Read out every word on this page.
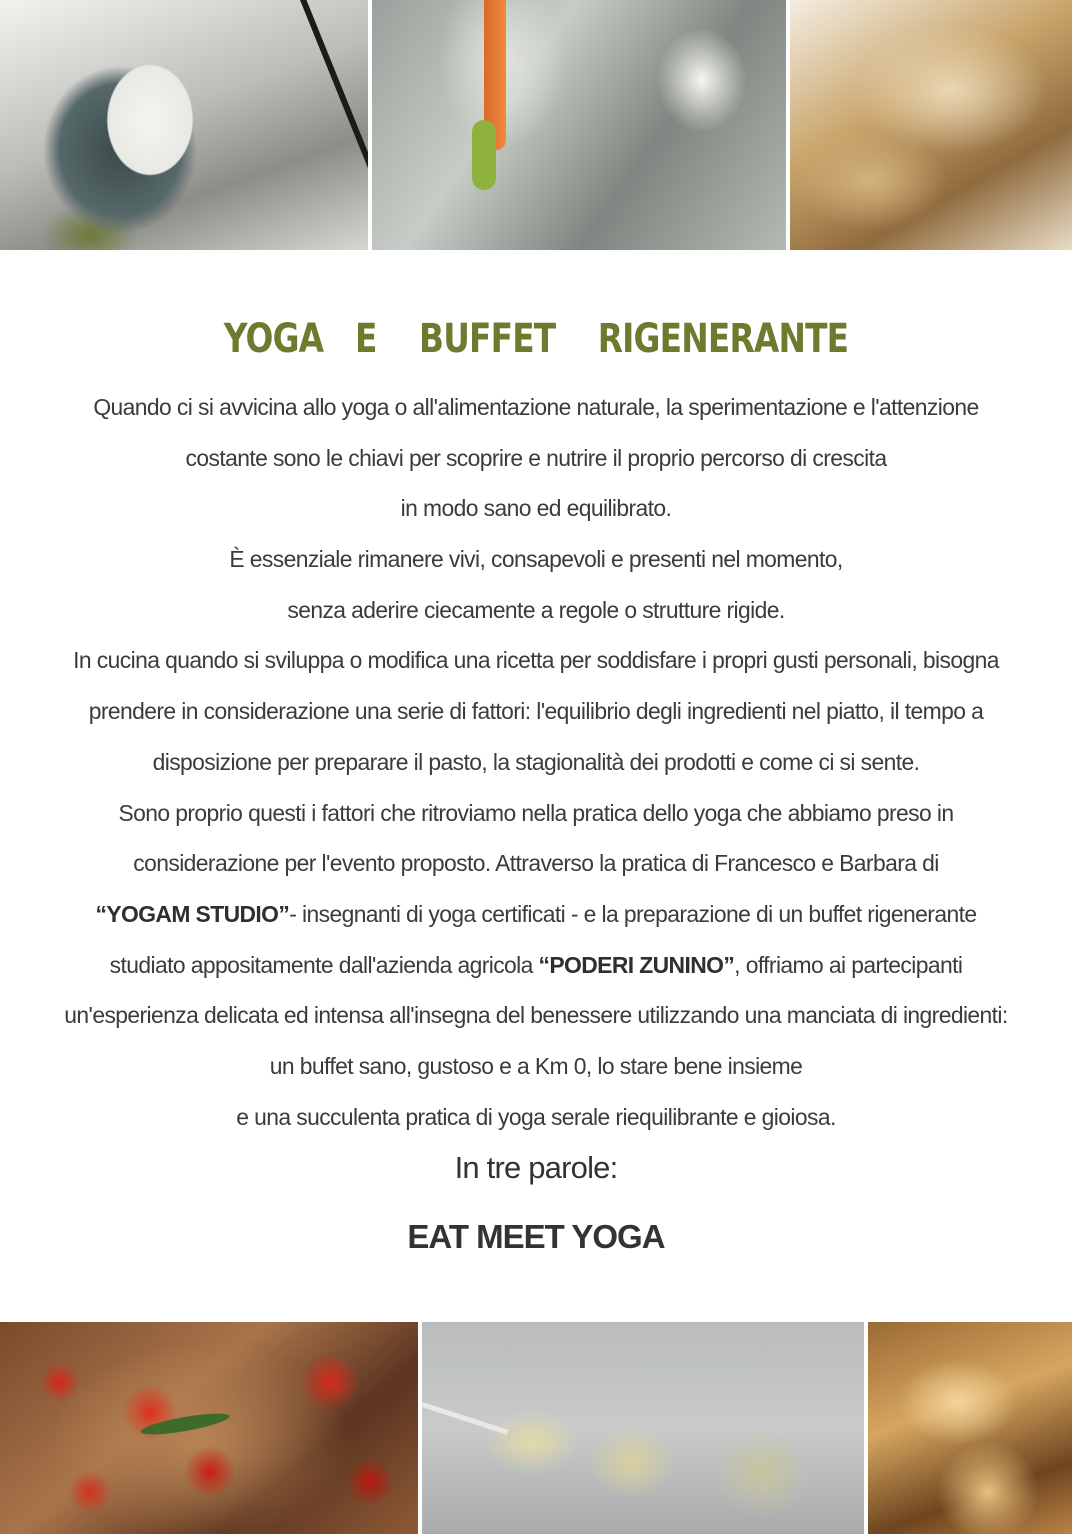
YOGA   E    BUFFET    RIGENERANTE
Quando ci si avvicina allo yoga o all'alimentazione naturale, la sperimentazione e l'attenzione
costante sono le chiavi per scoprire e nutrire il proprio percorso di crescita
in modo sano ed equilibrato.
È essenziale rimanere vivi, consapevoli e presenti nel momento,
senza aderire ciecamente a regole o strutture rigide.
In cucina quando si sviluppa o modifica una ricetta per soddisfare i propri gusti personali, bisogna
prendere in considerazione una serie di fattori: l'equilibrio degli ingredienti nel piatto, il tempo a
disposizione per preparare il pasto, la stagionalità dei prodotti e come ci si sente.
Sono proprio questi i fattori che ritroviamo nella pratica dello yoga che abbiamo preso in
considerazione per l'evento proposto. Attraverso la pratica di Francesco e Barbara di
“YOGAM STUDIO”- insegnanti di yoga certificati - e la preparazione di un buffet rigenerante
studiato appositamente dall'azienda agricola “PODERI ZUNINO”, offriamo ai partecipanti
un'esperienza delicata ed intensa all'insegna del benessere utilizzando una manciata di ingredienti:
un buffet sano, gustoso e a Km 0, lo stare bene insieme
e una succulenta pratica di yoga serale riequilibrante e gioiosa.

In tre parole:

EAT MEET YOGA
